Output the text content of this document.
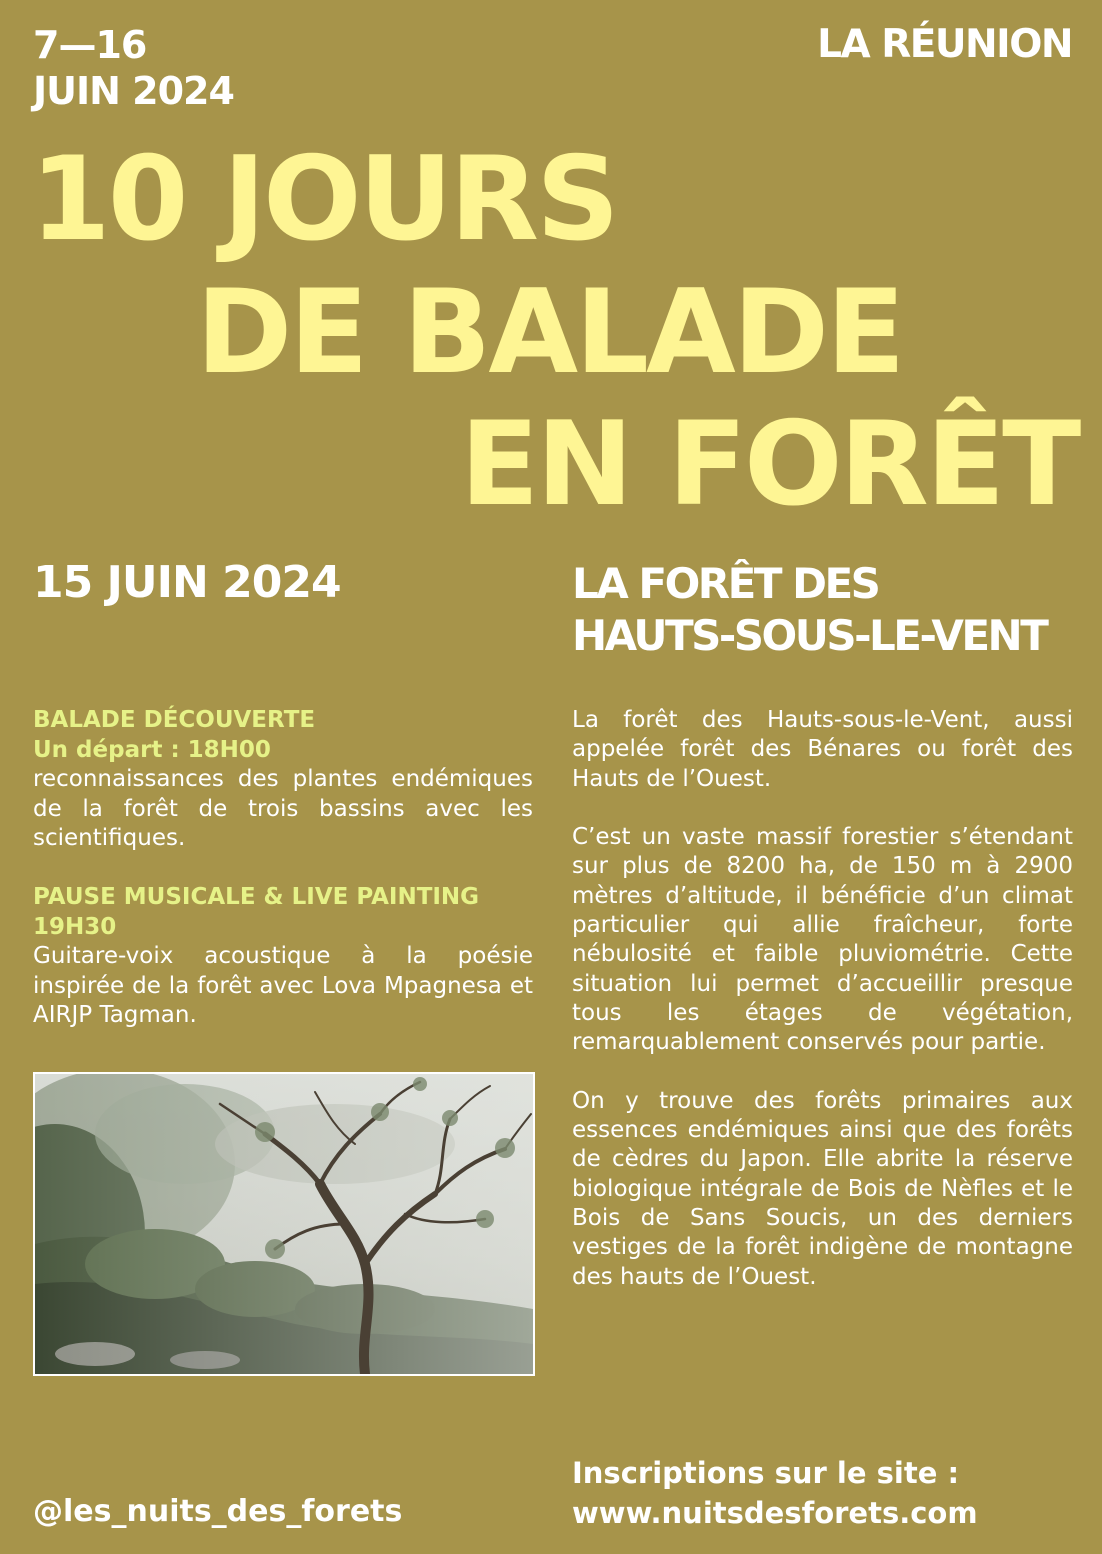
7—16
JUIN 2024
LA RÉUNION
10 JOURS
DE BALADE
EN FORÊT
15 JUIN 2024	LA FORÊT DES
HAUTS-SOUS-LE-VENT
BALADE DÉCOUVERTE
Un départ : 18H00
reconnaissances des plantes endémiques de la forêt de trois bassins avec les scientifiques.
PAUSE MUSICALE & LIVE PAINTING
19H30
Guitare-voix acoustique à la poésie inspirée de la forêt avec Lova Mpagnesa et AIRJP Tagman.

La forêt des Hauts-sous-le-Vent, aussi appelée forêt des Bénares ou forêt des Hauts de l’Ouest.

C’est un vaste massif forestier s’étendant sur plus de 8200 ha, de 150 m à 2900 mètres d’altitude, il bénéficie d’un climat particulier qui allie fraîcheur, forte nébulosité et faible pluviométrie. Cette situation lui permet d’accueillir presque tous les étages de végétation, remarquablement conservés pour partie.

On y trouve des forêts primaires aux essences endémiques ainsi que des forêts de cèdres du Japon. Elle abrite la réserve biologique intégrale de Bois de Nèfles et le Bois de Sans Soucis, un des derniers vestiges de la forêt indigène de montagne des hauts de l’Ouest.

@les_nuits_des_forets
Inscriptions sur le site :
www.nuitsdesforets.com
